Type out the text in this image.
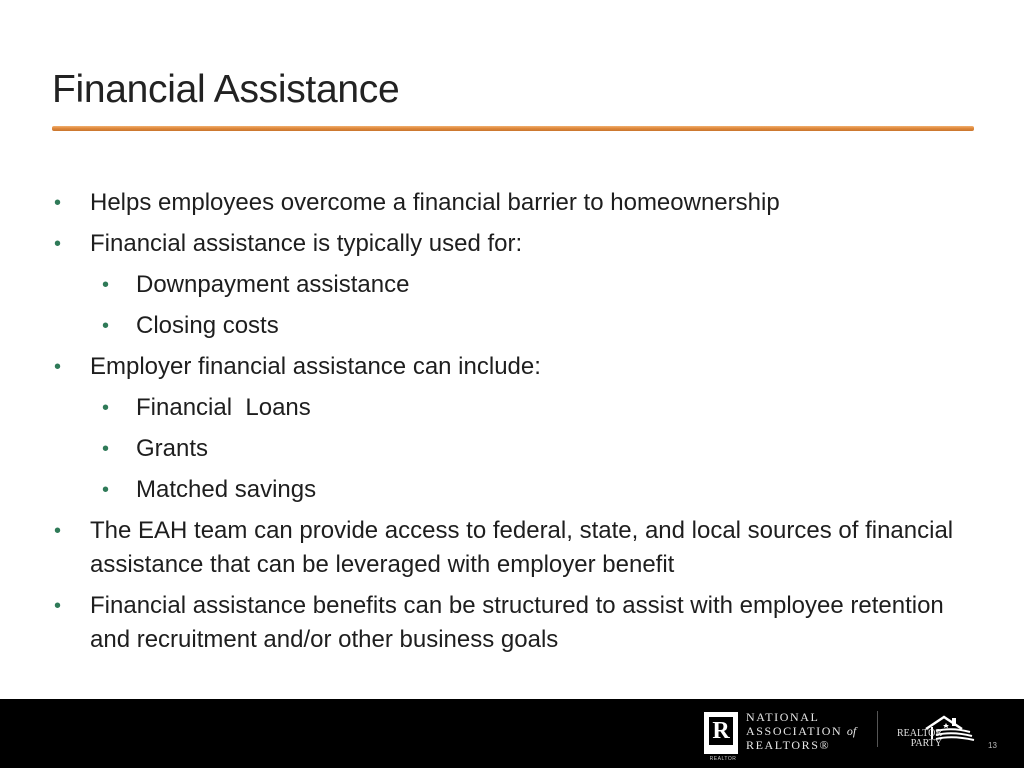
Financial Assistance
• Helps employees overcome a financial barrier to homeownership
• Financial assistance is typically used for:
• Downpayment assistance
• Closing costs
• Employer financial assistance can include:
• Financial  Loans
• Grants
• Matched savings
• The EAH team can provide access to federal, state, and local sources of financial assistance that can be leveraged with employer benefit
• Financial assistance benefits can be structured to assist with employee retention and recruitment and/or other business goals
R
REALTOR
NATIONAL
ASSOCIATION of
REALTORS®
REALTOR
PARTY	13
